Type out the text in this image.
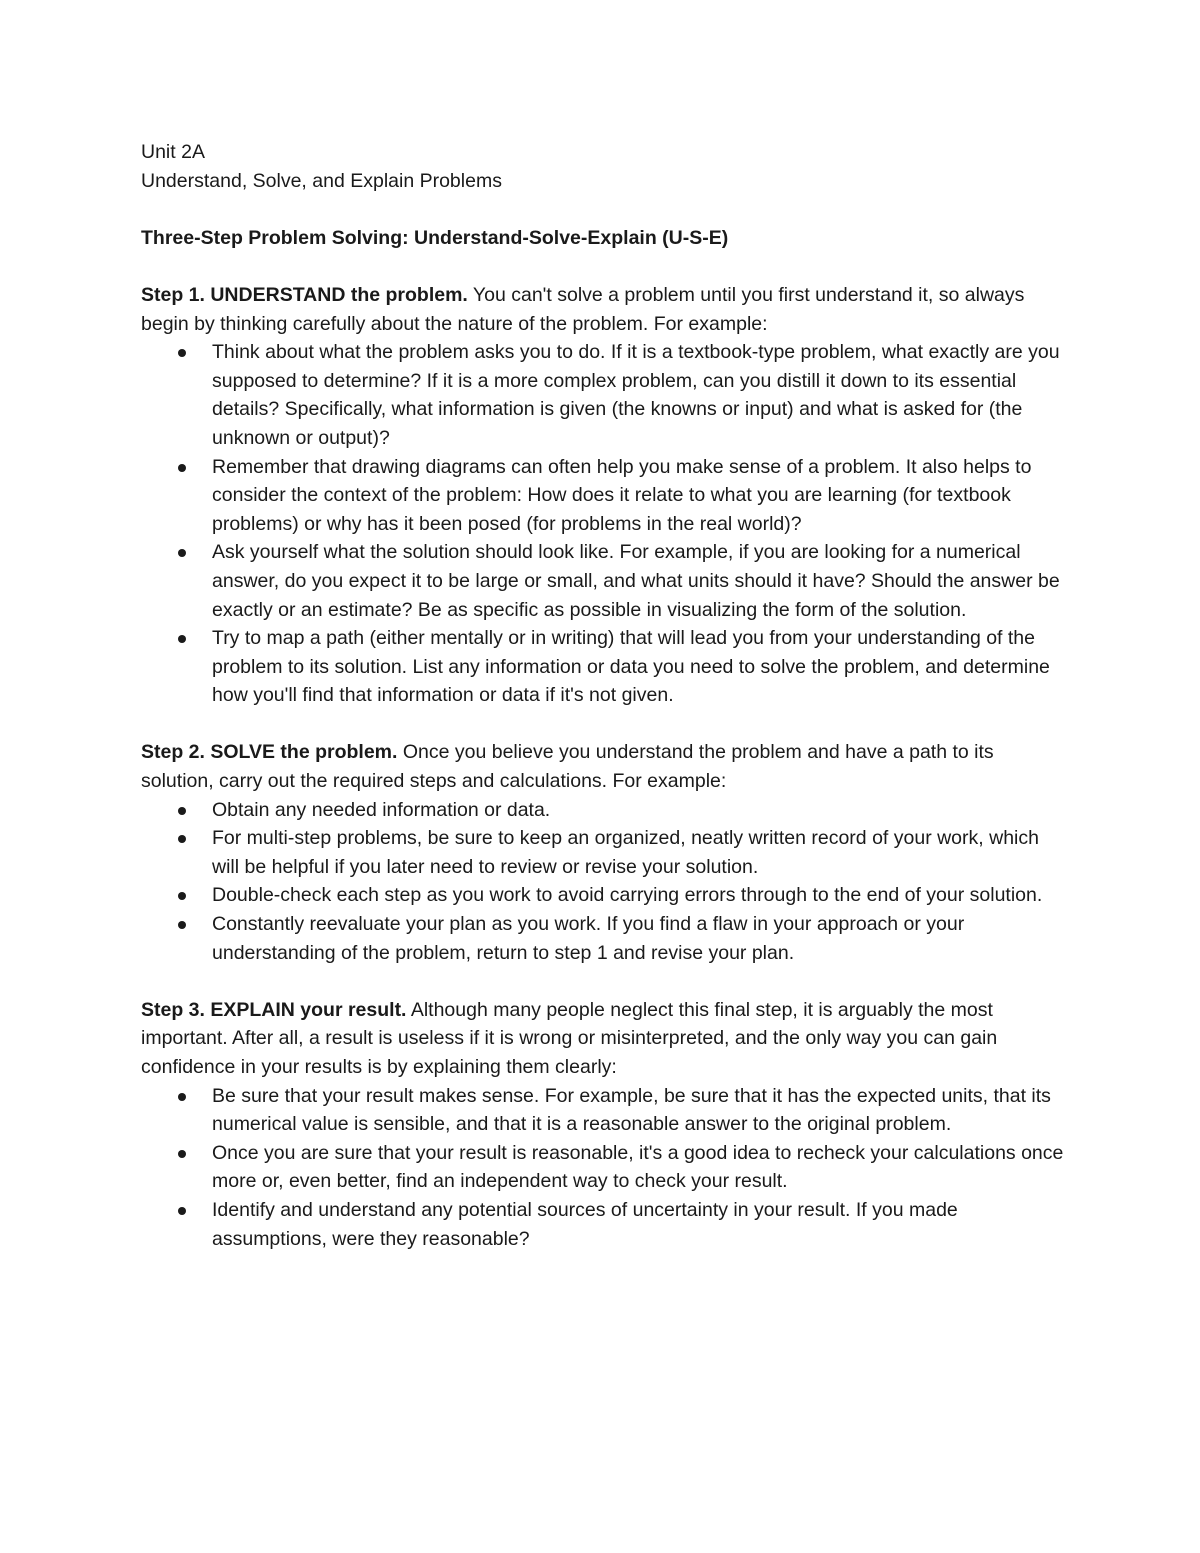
Unit 2A

Understand, Solve, and Explain Problems

Three-Step Problem Solving: Understand-Solve-Explain (U-S-E)

Step 1. UNDERSTAND the problem. You can't solve a problem until you first understand it, so always begin by thinking carefully about the nature of the problem. For example:

Think about what the problem asks you to do. If it is a textbook-type problem, what exactly are you supposed to determine? If it is a more complex problem, can you distill it down to its essential details? Specifically, what information is given (the knowns or input) and what is asked for (the unknown or output)?
Remember that drawing diagrams can often help you make sense of a problem. It also helps to consider the context of the problem: How does it relate to what you are learning (for textbook problems) or why has it been posed (for problems in the real world)?
Ask yourself what the solution should look like. For example, if you are looking for a numerical answer, do you expect it to be large or small, and what units should it have? Should the answer be exactly or an estimate? Be as specific as possible in visualizing the form of the solution.
Try to map a path (either mentally or in writing) that will lead you from your understanding of the problem to its solution. List any information or data you need to solve the problem, and determine how you'll find that information or data if it's not given.

Step 2. SOLVE the problem. Once you believe you understand the problem and have a path to its solution, carry out the required steps and calculations. For example:

Obtain any needed information or data.
For multi-step problems, be sure to keep an organized, neatly written record of your work, which will be helpful if you later need to review or revise your solution.
Double-check each step as you work to avoid carrying errors through to the end of your solution.
Constantly reevaluate your plan as you work. If you find a flaw in your approach or your understanding of the problem, return to step 1 and revise your plan.

Step 3. EXPLAIN your result. Although many people neglect this final step, it is arguably the most important. After all, a result is useless if it is wrong or misinterpreted, and the only way you can gain confidence in your results is by explaining them clearly:

Be sure that your result makes sense. For example, be sure that it has the expected units, that its numerical value is sensible, and that it is a reasonable answer to the original problem.
Once you are sure that your result is reasonable, it's a good idea to recheck your calculations once more or, even better, find an independent way to check your result.
Identify and understand any potential sources of uncertainty in your result. If you made assumptions, were they reasonable?
